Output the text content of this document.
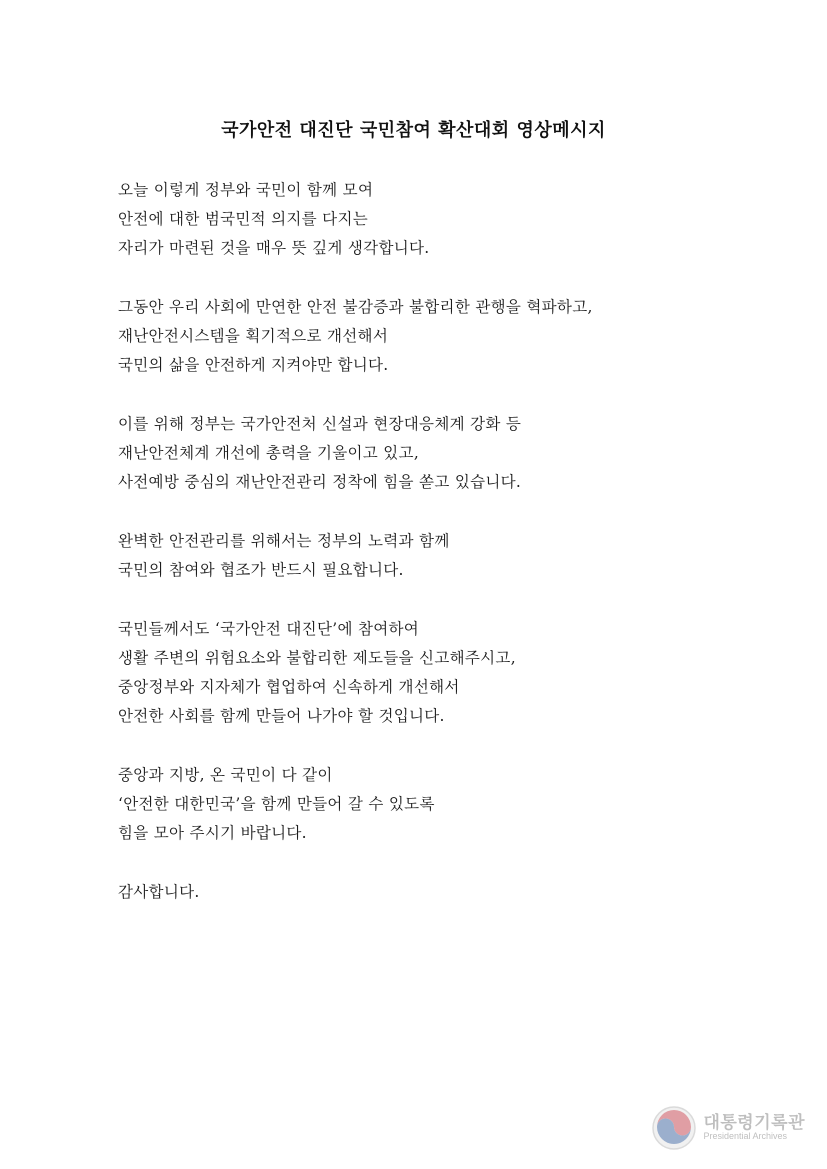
국가안전 대진단 국민참여 확산대회 영상메시지
오늘 이렇게 정부와 국민이 함께 모여
안전에 대한 범국민적 의지를 다지는
자리가 마련된 것을 매우 뜻 깊게 생각합니다.
그동안 우리 사회에 만연한 안전 불감증과 불합리한 관행을 혁파하고,
재난안전시스템을 획기적으로 개선해서
국민의 삶을 안전하게 지켜야만 합니다.
이를 위해 정부는 국가안전처 신설과 현장대응체계 강화 등
재난안전체계 개선에 총력을 기울이고 있고,
사전예방 중심의 재난안전관리 정착에 힘을 쏟고 있습니다.
완벽한 안전관리를 위해서는 정부의 노력과 함께
국민의 참여와 협조가 반드시 필요합니다.
국민들께서도 ‘국가안전 대진단’에 참여하여
생활 주변의 위험요소와 불합리한 제도들을 신고해주시고,
중앙정부와 지자체가 협업하여 신속하게 개선해서
안전한 사회를 함께 만들어 나가야 할 것입니다.
중앙과 지방, 온 국민이 다 같이
‘안전한 대한민국’을 함께 만들어 갈 수 있도록
힘을 모아 주시기 바랍니다.
감사합니다.
대통령기록관
Presidential Archives
